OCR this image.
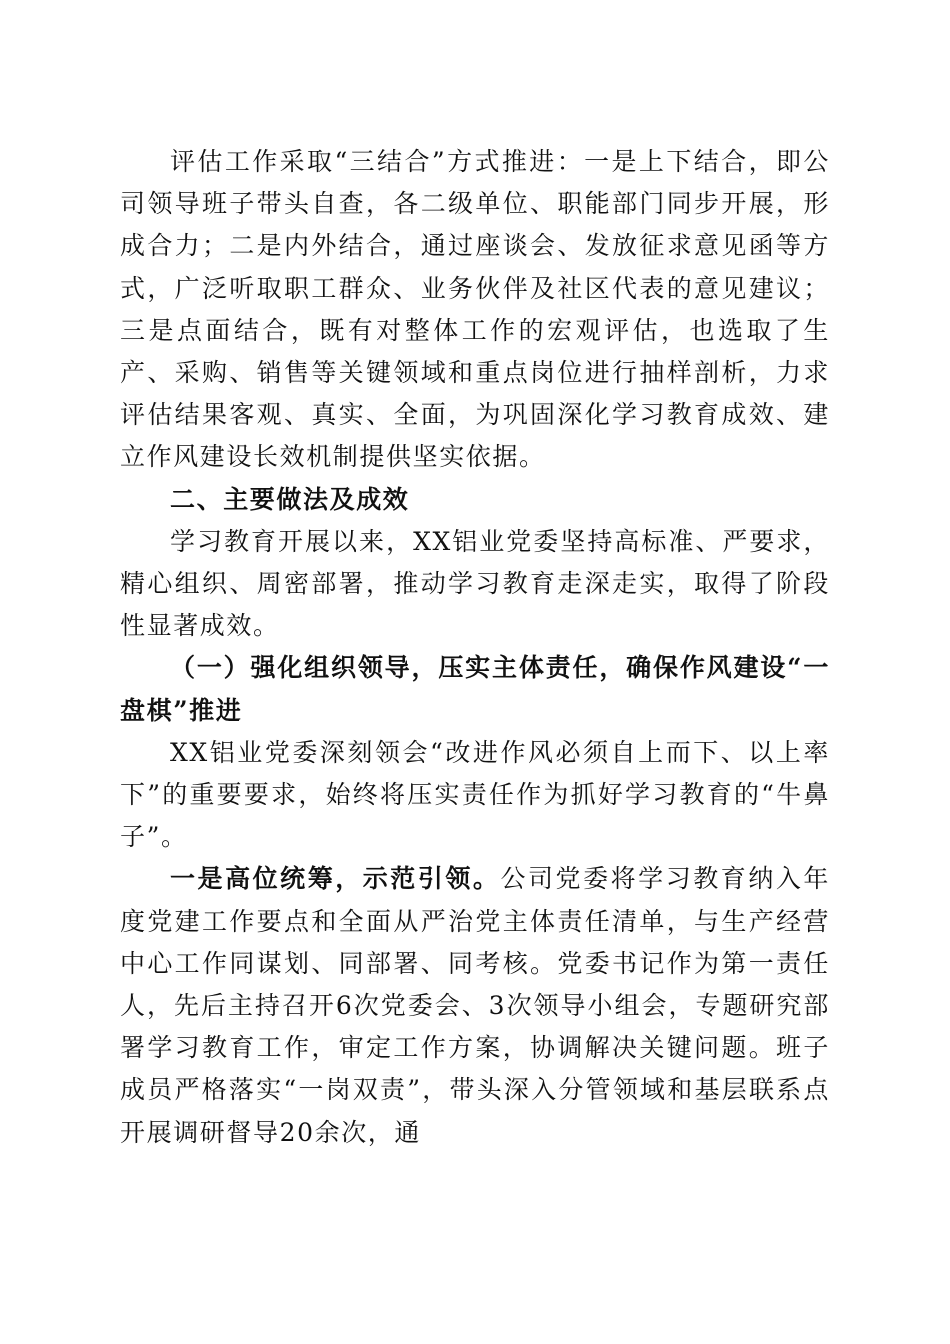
评估工作采取“三结合”方式推进：一是上下结合，即公司领导班子带头自查，各二级单位、职能部门同步开展，形成合力；二是内外结合，通过座谈会、发放征求意见函等方式，广泛听取职工群众、业务伙伴及社区代表的意见建议；三是点面结合，既有对整体工作的宏观评估，也选取了生产、采购、销售等关键领域和重点岗位进行抽样剖析，力求评估结果客观、真实、全面，为巩固深化学习教育成效、建立作风建设长效机制提供坚实依据。

二、主要做法及成效

学习教育开展以来，XX铝业党委坚持高标准、严要求，精心组织、周密部署，推动学习教育走深走实，取得了阶段性显著成效。

（一）强化组织领导，压实主体责任，确保作风建设“一盘棋”推进

XX铝业党委深刻领会“改进作风必须自上而下、以上率下”的重要要求，始终将压实责任作为抓好学习教育的“牛鼻子”。

一是高位统筹，示范引领。公司党委将学习教育纳入年度党建工作要点和全面从严治党主体责任清单，与生产经营中心工作同谋划、同部署、同考核。党委书记作为第一责任人，先后主持召开6次党委会、3次领导小组会，专题研究部署学习教育工作，审定工作方案，协调解决关键问题。班子成员严格落实“一岗双责”，带头深入分管领域和基层联系点开展调研督导20余次，通
